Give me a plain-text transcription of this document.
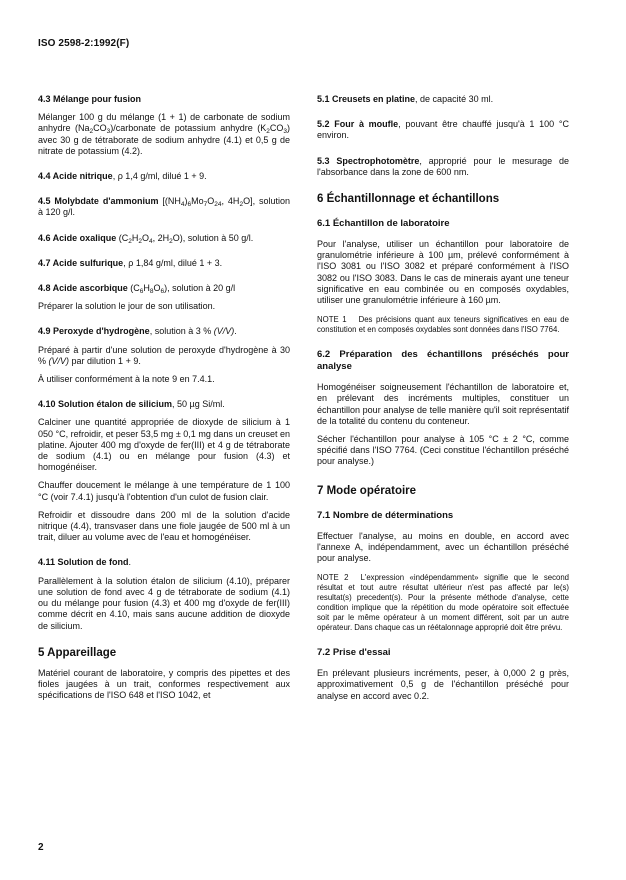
ISO 2598-2:1992(F)

4.3 Mélange pour fusion

Mélanger 100 g du mélange (1 + 1) de carbonate de sodium anhydre $(Na_2CO_3)$/carbonate de potassium anhydre $(K_2CO_3)$ avec 30 g de tétraborate de sodium anhydre (4.1) et 0,5 g de nitrate de potassium (4.2).

4.4 Acide nitrique, ρ 1,4 g/ml, dilué 1 + 9.

4.5 Molybdate d'ammonium [$(NH_4)_6Mo_7O_{24}$, $4H_2O$], solution à 120 g/l.

4.6 Acide oxalique ($C_2H_2O_4$, $2H_2O$), solution à 50 g/l.

4.7 Acide sulfurique, ρ 1,84 g/ml, dilué 1 + 3.

4.8 Acide ascorbique $(C_6H_8O_6)$, solution à 20 g/l

Préparer la solution le jour de son utilisation.

4.9 Peroxyde d'hydrogène, solution à 3 % (V/V).

Préparé à partir d'une solution de peroxyde d'hydrogène à 30 % (V/V) par dilution 1 + 9.

À utiliser conformément à la note 9 en 7.4.1.

4.10 Solution étalon de silicium, 50 µg Si/ml.

Calciner une quantité appropriée de dioxyde de silicium à 1 050 °C, refroidir, et peser 53,5 mg ± 0,1 mg dans un creuset en platine. Ajouter 400 mg d'oxyde de fer(III) et 4 g de tétraborate de sodium (4.1) ou en mélange pour fusion (4.3) et homogénéiser.

Chauffer doucement le mélange à une température de 1 100 °C (voir 7.4.1) jusqu'à l'obtention d'un culot de fusion clair.

Refroidir et dissoudre dans 200 ml de la solution d'acide nitrique (4.4), transvaser dans une fiole jaugée de 500 ml à un trait, diluer au volume avec de l'eau et homogénéiser.

4.11 Solution de fond.

Parallèlement à la solution étalon de silicium (4.10), préparer une solution de fond avec 4 g de tétraborate de sodium (4.1) ou du mélange pour fusion (4.3) et 400 mg d'oxyde de fer(III) comme décrit en 4.10, mais sans aucune addition de dioxyde de silicium.

5 Appareillage

Matériel courant de laboratoire, y compris des pipettes et des fioles jaugées à un trait, conformes respectivement aux spécifications de l'ISO 648 et l'ISO 1042, et

5.1 Creusets en platine, de capacité 30 ml.

5.2 Four à moufle, pouvant être chauffé jusqu'à 1 100 °C environ.

5.3 Spectrophotomètre, approprié pour le mesurage de l'absorbance dans la zone de 600 nm.

6 Échantillonnage et échantillons

6.1 Échantillon de laboratoire

Pour l'analyse, utiliser un échantillon pour laboratoire de granulométrie inférieure à 100 µm, prélevé conformément à l'ISO 3081 ou l'ISO 3082 et préparé conformément à l'ISO 3082 ou l'ISO 3083. Dans le cas de minerais ayant une teneur significative en eau combinée ou en composés oxydables, utiliser une granulométrie inférieure à 160 µm.

NOTE 1 Des précisions quant aux teneurs significatives en eau de constitution et en composés oxydables sont données dans l'ISO 7764.

6.2 Préparation des échantillons préséchés pour analyse

Homogénéiser soigneusement l'échantillon de laboratoire et, en prélevant des incréments multiples, constituer un échantillon pour analyse de telle manière qu'il soit représentatif de la totalité du contenu du conteneur.

Sécher l'échantillon pour analyse à 105 °C ± 2 °C, comme spécifié dans l'ISO 7764. (Ceci constitue l'échantillon préséché pour analyse.)

7 Mode opératoire

7.1 Nombre de déterminations

Effectuer l'analyse, au moins en double, en accord avec l'annexe A, indépendamment, avec un échantillon préséché pour analyse.

NOTE 2 L'expression «indépendamment» signifie que le second résultat et tout autre résultat ultérieur n'est pas affecté par le(s) resultat(s) precedent(s). Pour la présente méthode d'analyse, cette condition implique que la répétition du mode opératoire soit effectuée soit par le même opérateur à un moment différent, soit par un autre opérateur. Dans chaque cas un réétalonnage approprié doit être prévu.

7.2 Prise d'essai

En prélevant plusieurs incréments, peser, à 0,000 2 g près, approximativement 0,5 g de l'échantillon préséché pour analyse en accord avec 0.2.

2
